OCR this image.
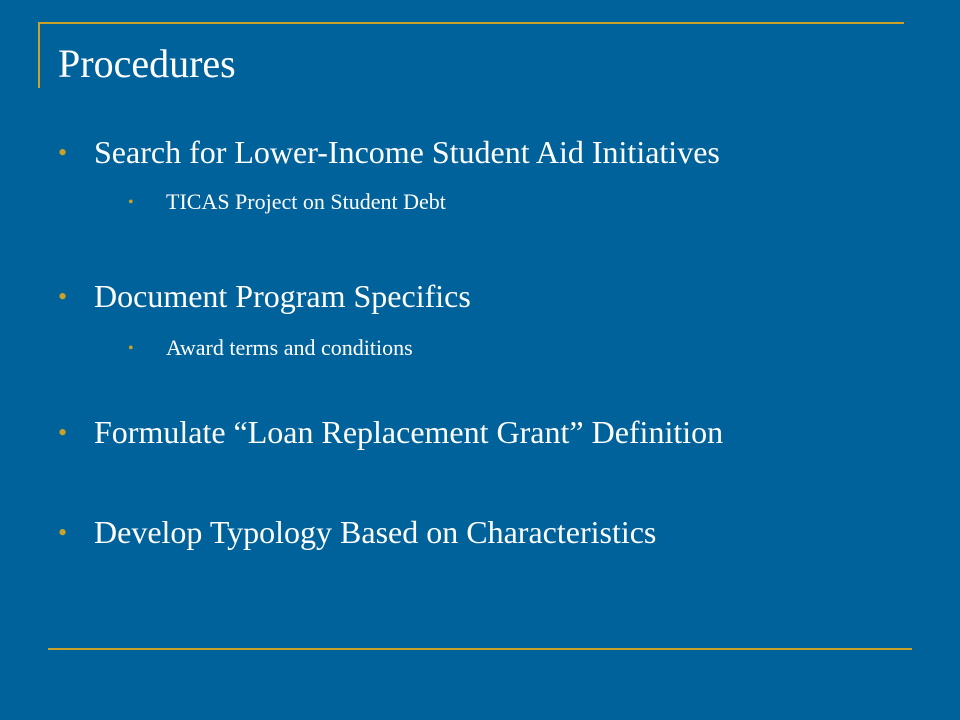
Procedures
• Search for Lower-Income Student Aid Initiatives
• TICAS Project on Student Debt
• Document Program Specifics
• Award terms and conditions
• Formulate “Loan Replacement Grant” Definition
• Develop Typology Based on Characteristics
